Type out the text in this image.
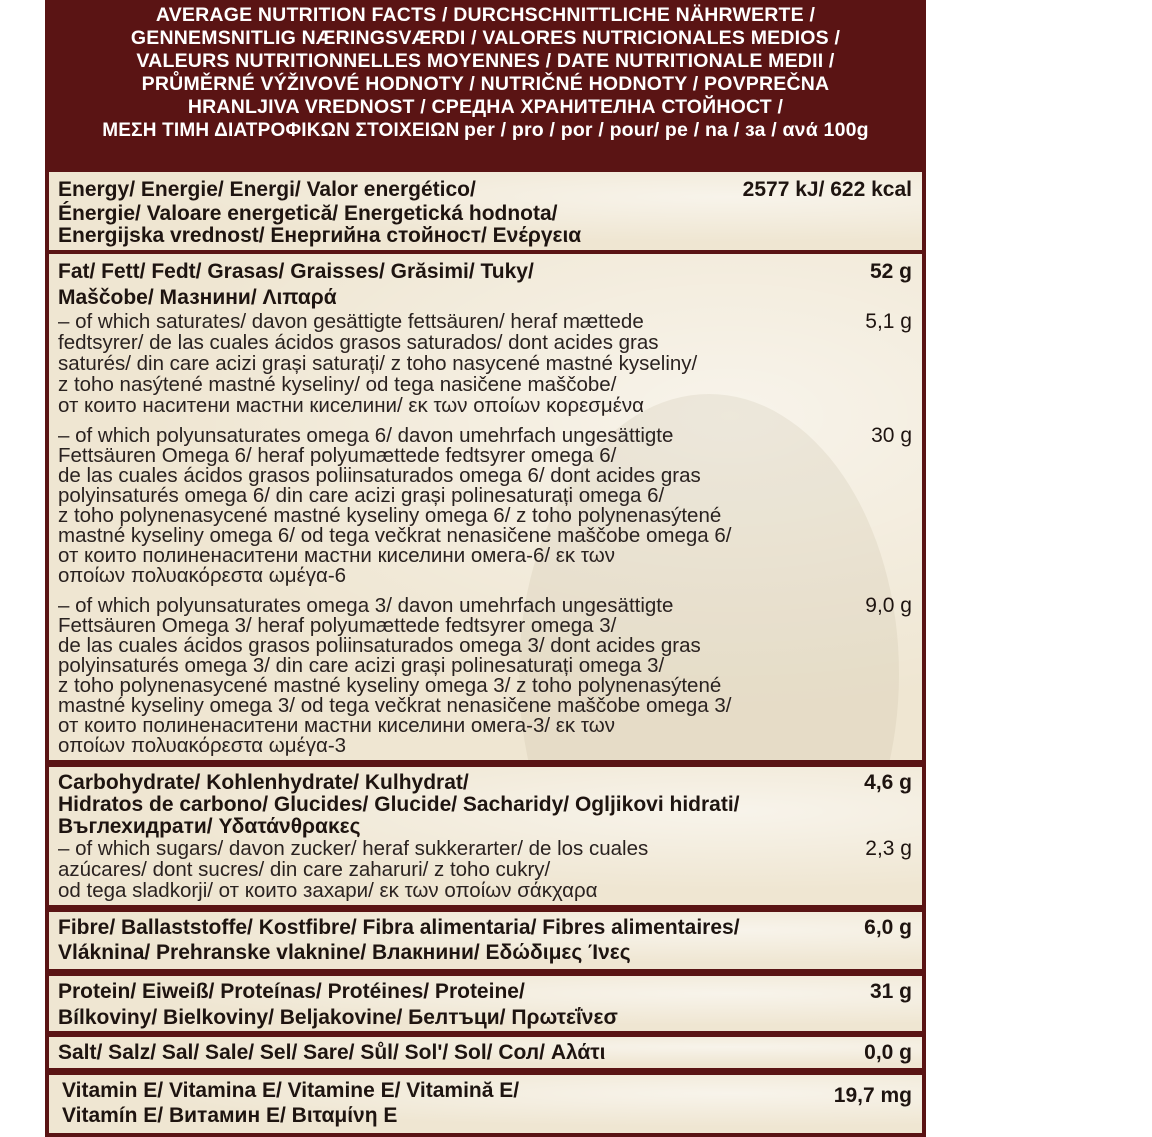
AVERAGE NUTRITION FACTS / DURCHSCHNITTLICHE NÄHRWERTE / GENNEMSNITLIG NÆRINGSVÆRDI / VALORES NUTRICIONALES MEDIOS / VALEURS NUTRITIONNELLES MOYENNES / DATE NUTRITIONALE MEDII / PRŮMĚRNÉ VÝŽIVOVÉ HODNOTY / NUTRIČNÉ HODNOTY / POVPREČNA HRANLJIVA VREDNOST / СРЕДНА ХРАНИТЕЛНА СТОЙНОСТ / ΜΕΣΗ ΤΙΜΗ ΔΙΑΤΡΟΦΙΚΩΝ ΣΤΟΙΧΕΙΩΝ per / pro / por / pour/ pe / na / за / ανά 100g
Energy/ Energie/ Energi/ Valor energético/
Énergie/ Valoare energetică/ Energetická hodnota/
Energijska vrednost/ Енергийна стойност/ Ενέργεια
2577 kJ/ 622 kcal
Fat/ Fett/ Fedt/ Grasas/ Graisses/ Grăsimi/ Tuky/
Maščobe/ Мазнини/ Λιπαρά
52 g
– of which saturates/ davon gesättigte fettsäuren/ heraf mættede
fedtsyrer/ de las cuales ácidos grasos saturados/ dont acides gras
saturés/ din care acizi grași saturați/ z toho nasycené mastné kyseliny/
z toho nasýtené mastné kyseliny/ od tega nasičene maščobe/
от които наситени мастни киселини/ εκ των οποίων κορεσμένα
5,1 g
– of which polyunsaturates omega 6/ davon umehrfach ungesättigte
Fettsäuren Omega 6/ heraf polyumættede fedtsyrer omega 6/
de las cuales ácidos grasos poliinsaturados omega 6/ dont acides gras
polyinsaturés omega 6/ din care acizi grași polinesaturați omega 6/
z toho polynenasycené mastné kyseliny omega 6/ z toho polynenasýtené
mastné kyseliny omega 6/ od tega večkrat nenasičene maščobe omega 6/
от които полиненаситени мастни киселини омега-6/ εκ των
οποίων πολυακόρεστα ωμέγα-6
30 g
– of which polyunsaturates omega 3/ davon umehrfach ungesättigte
Fettsäuren Omega 3/ heraf polyumættede fedtsyrer omega 3/
de las cuales ácidos grasos poliinsaturados omega 3/ dont acides gras
polyinsaturés omega 3/ din care acizi grași polinesaturați omega 3/
z toho polynenasycené mastné kyseliny omega 3/ z toho polynenasýtené
mastné kyseliny omega 3/ od tega večkrat nenasičene maščobe omega 3/
от които полиненаситени мастни киселини омега-3/ εκ των
οποίων πολυακόρεστα ωμέγα-3
9,0 g
Carbohydrate/ Kohlenhydrate/ Kulhydrat/
Hidratos de carbono/ Glucides/ Glucide/ Sacharidy/ Ogljikovi hidrati/
Въглехидрати/ Υδατάνθρακες
4,6 g
– of which sugars/ davon zucker/ heraf sukkerarter/ de los cuales
azúcares/ dont sucres/ din care zaharuri/ z toho cukry/
od tega sladkorji/ от които захари/ εκ των οποίων σάκχαρα
2,3 g
Fibre/ Ballaststoffe/ Kostfibre/ Fibra alimentaria/ Fibres alimentaires/
Vláknina/ Prehranske vlaknine/ Влакнини/ Εδώδιμες Ίνες
6,0 g
Protein/ Eiweiß/ Proteínas/ Protéines/ Proteine/
Bílkoviny/ Bielkoviny/ Beljakovine/ Белтъци/ Πρωτεΐνεσ
31 g
Salt/ Salz/ Sal/ Sale/ Sel/ Sare/ Sůl/ Sol'/ Sol/ Сол/ Αλάτι	0,0 g
Vitamin E/ Vitamina E/ Vitamine E/ Vitamină E/
Vitamín E/ Витамин Е/ Βιταμίνη Ε
19,7 mg
